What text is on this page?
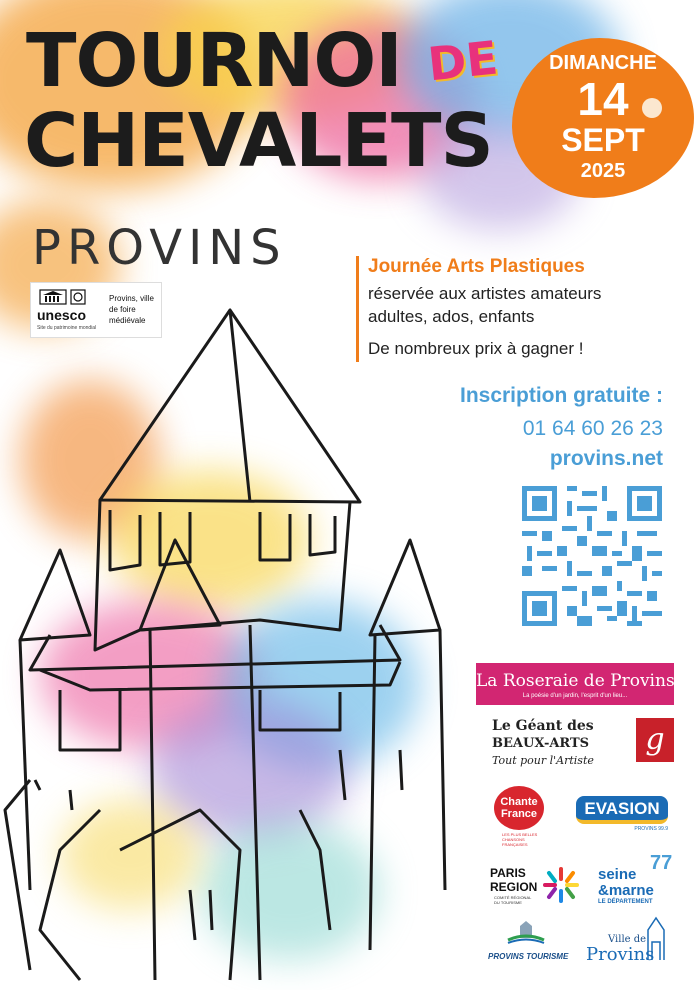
TOURNOI DE
CHEVALETS
PROVINS
DIMANCHE
14
SEPT
2025
unesco
Site du patrimoine mondial
Provins, ville de foire médiévale
Journée Arts Plastiques
réservée aux artistes amateurs
adultes, ados, enfants
De nombreux prix à gagner !
Inscription gratuite :
01 64 60 26 23
provins.net
La Roseraie de Provins
La poésie d'un jardin, l'esprit d'un lieu...
Le Géant des
BEAUX-ARTS
Tout pour l'Artiste
g
Chante France
LES PLUS BELLES CHANSONS FRANÇAISES
EVASION
PROVINS 99.9
PARIS
REGION
COMITÉ RÉGIONAL DU TOURISME
77
seine
&marne
LE DÉPARTEMENT
PROVINS TOURISME
Ville de
Provins
